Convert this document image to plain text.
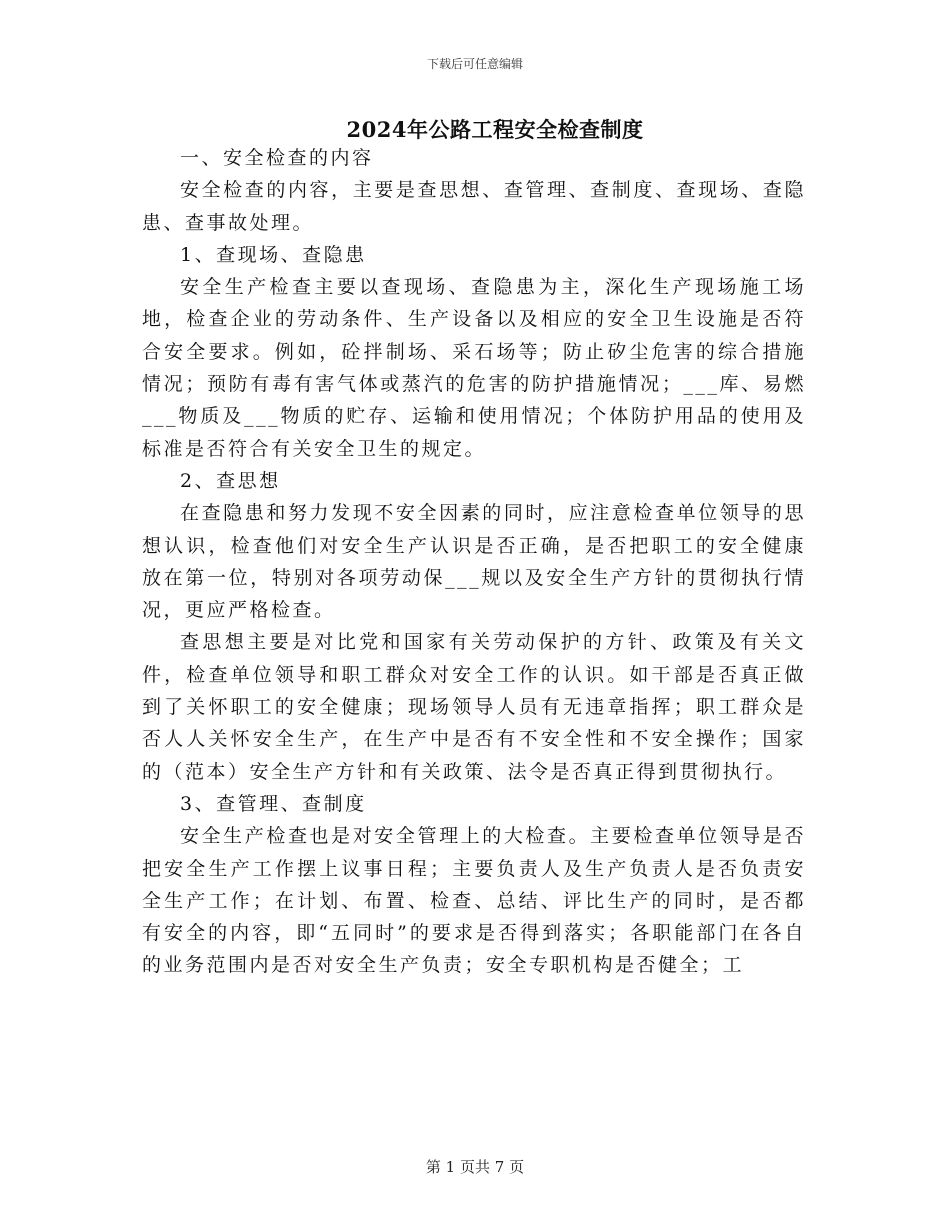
下载后可任意编辑
2024年公路工程安全检查制度

一、安全检查的内容

安全检查的内容，主要是查思想、查管理、查制度、查现场、查隐患、查事故处理。

1、查现场、查隐患

安全生产检查主要以查现场、查隐患为主，深化生产现场施工场地，检查企业的劳动条件、生产设备以及相应的安全卫生设施是否符合安全要求。例如，砼拌制场、采石场等；防止矽尘危害的综合措施情况；预防有毒有害气体或蒸汽的危害的防护措施情况；___库、易燃___物质及___物质的贮存、运输和使用情况；个体防护用品的使用及标准是否符合有关安全卫生的规定。

2、查思想

在查隐患和努力发现不安全因素的同时，应注意检查单位领导的思想认识，检查他们对安全生产认识是否正确，是否把职工的安全健康放在第一位，特别对各项劳动保___规以及安全生产方针的贯彻执行情况，更应严格检查。

查思想主要是对比党和国家有关劳动保护的方针、政策及有关文件，检查单位领导和职工群众对安全工作的认识。如干部是否真正做到了关怀职工的安全健康；现场领导人员有无违章指挥；职工群众是否人人关怀安全生产，在生产中是否有不安全性和不安全操作；国家的（范本）安全生产方针和有关政策、法令是否真正得到贯彻执行。

3、查管理、查制度

安全生产检查也是对安全管理上的大检查。主要检查单位领导是否把安全生产工作摆上议事日程；主要负责人及生产负责人是否负责安全生产工作；在计划、布置、检查、总结、评比生产的同时，是否都有安全的内容，即“五同时”的要求是否得到落实；各职能部门在各自的业务范围内是否对安全生产负责；安全专职机构是否健全；工

第 1 页共 7 页
